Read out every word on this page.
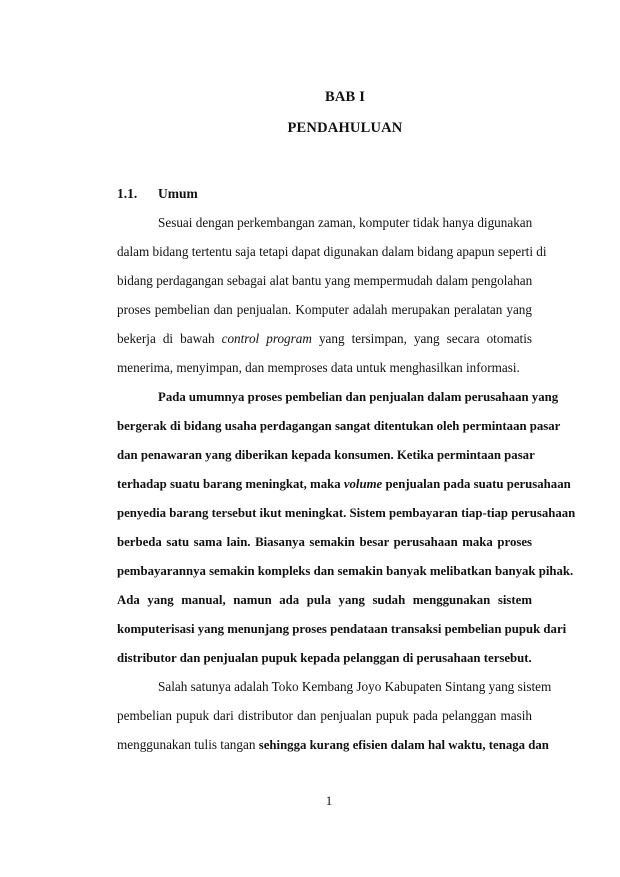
BAB I
PENDAHULUAN
1.1. Umum
Sesuai dengan perkembangan zaman, komputer tidak hanya digunakan
dalam bidang tertentu saja tetapi dapat digunakan dalam bidang apapun seperti di
bidang perdagangan sebagai alat bantu yang mempermudah dalam pengolahan
proses pembelian dan penjualan. Komputer adalah merupakan peralatan yang
bekerja di bawah control program yang tersimpan, yang secara otomatis
menerima, menyimpan, dan memproses data untuk menghasilkan informasi.
Pada umumnya proses pembelian dan penjualan dalam perusahaan yang
bergerak di bidang usaha perdagangan sangat ditentukan oleh permintaan pasar
dan penawaran yang diberikan kepada konsumen. Ketika permintaan pasar
terhadap suatu barang meningkat, maka volume penjualan pada suatu perusahaan
penyedia barang tersebut ikut meningkat. Sistem pembayaran tiap-tiap perusahaan
berbeda satu sama lain. Biasanya semakin besar perusahaan maka proses
pembayarannya semakin kompleks dan semakin banyak melibatkan banyak pihak.
Ada yang manual, namun ada pula yang sudah menggunakan sistem
komputerisasi yang menunjang proses pendataan transaksi pembelian pupuk dari
distributor dan penjualan pupuk kepada pelanggan di perusahaan tersebut.
Salah satunya adalah Toko Kembang Joyo Kabupaten Sintang yang sistem
pembelian pupuk dari distributor dan penjualan pupuk pada pelanggan masih
menggunakan tulis tangan sehingga kurang efisien dalam hal waktu, tenaga dan
1
